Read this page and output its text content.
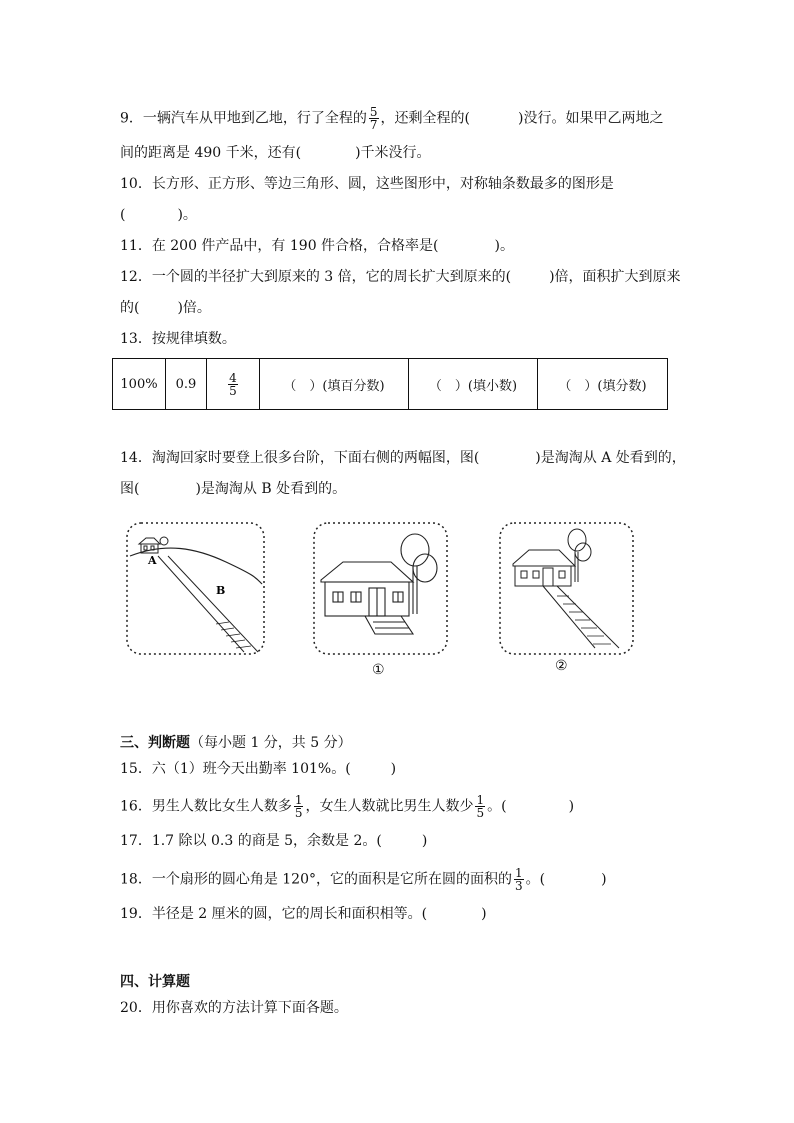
9．一辆汽车从甲地到乙地，行了全程的 $\frac{5}{7}$ ，还剩全程的(	)没行。如果甲乙两地之
间的距离是 490 千米，还有(	)千米没行。
10．长方形、正方形、等边三角形、圆，这些图形中，对称轴条数最多的图形是
(	)。
11．在 200 件产品中，有 190 件合格，合格率是(	)。
12．一个圆的半径扩大到原来的 3 倍，它的周长扩大到原来的(	)倍，面积扩大到原来
的(	)倍。
13．按规律填数。
100%	0.9	$\frac{4}{5}$	（　）(填百分数)	（　）(填小数)	（　）(填分数)
14．淘淘回家时要登上很多台阶，下面右侧的两幅图，图(	)是淘淘从 A 处看到的，
图(	)是淘淘从 B 处看到的。
A
B
①	②
三、判断题（每小题 1 分，共 5 分）
15．六（1）班今天出勤率 101%。(	)
16．男生人数比女生人数多 $\frac{1}{5}$ ，女生人数就比男生人数少 $\frac{1}{5}$ 。(	)
17．1.7 除以 0.3 的商是 5，余数是 2。(	)
18．一个扇形的圆心角是 120°，它的面积是它所在圆的面积的 $\frac{1}{3}$ 。(	)
19．半径是 2 厘米的圆，它的周长和面积相等。(	)
四、计算题
20．用你喜欢的方法计算下面各题。
